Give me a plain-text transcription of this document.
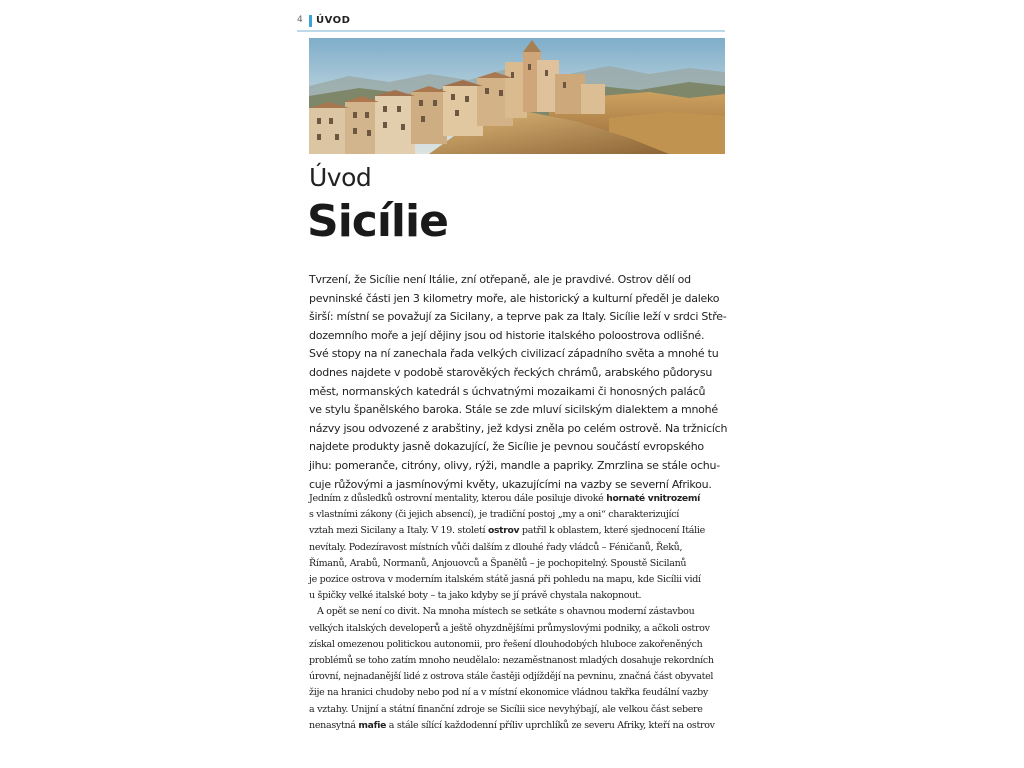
4	ÚVOD
Úvod
Sicílie
Tvrzení, že Sicílie není Itálie, zní otřepaně, ale je pravdivé. Ostrov dělí od
pevninské části jen 3 kilometry moře, ale historický a kulturní předěl je daleko
širší: místní se považují za Sicilany, a teprve pak za Italy. Sicílie leží v srdci Stře-
dozemního moře a její dějiny jsou od historie italského poloostrova odlišné.
Své stopy na ní zanechala řada velkých civilizací západního světa a mnohé tu
dodnes najdete v podobě starověkých řeckých chrámů, arabského půdorysu
měst, normanských katedrál s úchvatnými mozaikami či honosných paláců
ve stylu španělského baroka. Stále se zde mluví sicilským dialektem a mnohé
názvy jsou odvozené z arabštiny, jež kdysi zněla po celém ostrově. Na tržnicích
najdete produkty jasně dokazující, že Sicílie je pevnou součástí evropského
jihu: pomeranče, citróny, olivy, rýži, mandle a papriky. Zmrzlina se stále ochu-
cuje růžovými a jasmínovými květy, ukazujícími na vazby se severní Afrikou.
Jedním z důsledků ostrovní mentality, kterou dále posiluje divoké hornaté vnitrozemí
s vlastními zákony (či jejich absencí), je tradiční postoj „my a oni“ charakterizující
vztah mezi Sicilany a Italy. V 19. století ostrov patřil k oblastem, které sjednocení Itálie
nevítaly. Podezíravost místních vůči dalším z dlouhé řady vládců – Féničanů, Řeků,
Římanů, Arabů, Normanů, Anjouovců a Španělů – je pochopitelný. Spoustě Sicilanů
je pozice ostrova v moderním italském státě jasná při pohledu na mapu, kde Sicílii vidí
u špičky velké italské boty – ta jako kdyby se jí právě chystala nakopnout.
A opět se není co divit. Na mnoha místech se setkáte s ohavnou moderní zástavbou
velkých italských developerů a ještě ohyzdnějšími průmyslovými podniky, a ačkoli ostrov
získal omezenou politickou autonomii, pro řešení dlouhodobých hluboce zakořeněných
problémů se toho zatím mnoho neudělalo: nezaměstnanost mladých dosahuje rekordních
úrovní, nejnadanější lidé z ostrova stále častěji odjíždějí na pevninu, značná část obyvatel
žije na hranici chudoby nebo pod ní a v místní ekonomice vládnou takřka feudální vazby
a vztahy. Unijní a státní finanční zdroje se Sicílii sice nevyhýbají, ale velkou část sebere
nenasytná mafie a stále sílící každodenní příliv uprchlíků ze severu Afriky, kteří na ostrov
